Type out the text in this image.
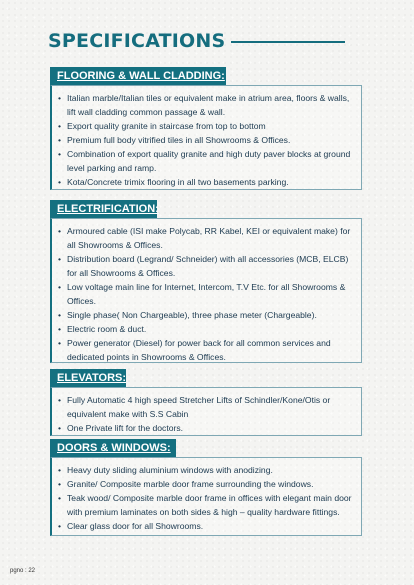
SPECIFICATIONS
FLOORING & WALL CLADDING:
• Italian marble/Italian tiles or equivalent make in atrium area, floors & walls, lift wall cladding common passage & wall.
• Export quality granite in staircase from top to bottom
• Premium full body vitrified tiles in all Showrooms & Offices.
• Combination of export quality granite and high duty paver blocks at ground level parking and ramp.
• Kota/Concrete trimix flooring in all two basements parking.
ELECTRIFICATION:
• Armoured cable (ISI make Polycab, RR Kabel, KEI or equivalent make) for all Showrooms & Offices.
• Distribution board (Legrand/ Schneider) with all accessories (MCB, ELCB) for all Showrooms & Offices.
• Low voltage main line for Internet, Intercom, T.V Etc. for all Showrooms & Offices.
• Single phase( Non Chargeable), three phase meter (Chargeable).
• Electric room & duct.
• Power generator (Diesel) for power back for all common services and dedicated points in Showrooms & Offices.
ELEVATORS:
• Fully Automatic 4 high speed Stretcher Lifts of Schindler/Kone/Otis or equivalent make with S.S Cabin
• One Private lift for the doctors.
DOORS & WINDOWS:
• Heavy duty sliding aluminium windows with anodizing.
• Granite/ Composite marble door frame surrounding the windows.
• Teak wood/ Composite marble door frame in offices with elegant main door with premium laminates on both sides & high – quality hardware fittings.
• Clear glass door for all Showrooms.
pgno : 22
